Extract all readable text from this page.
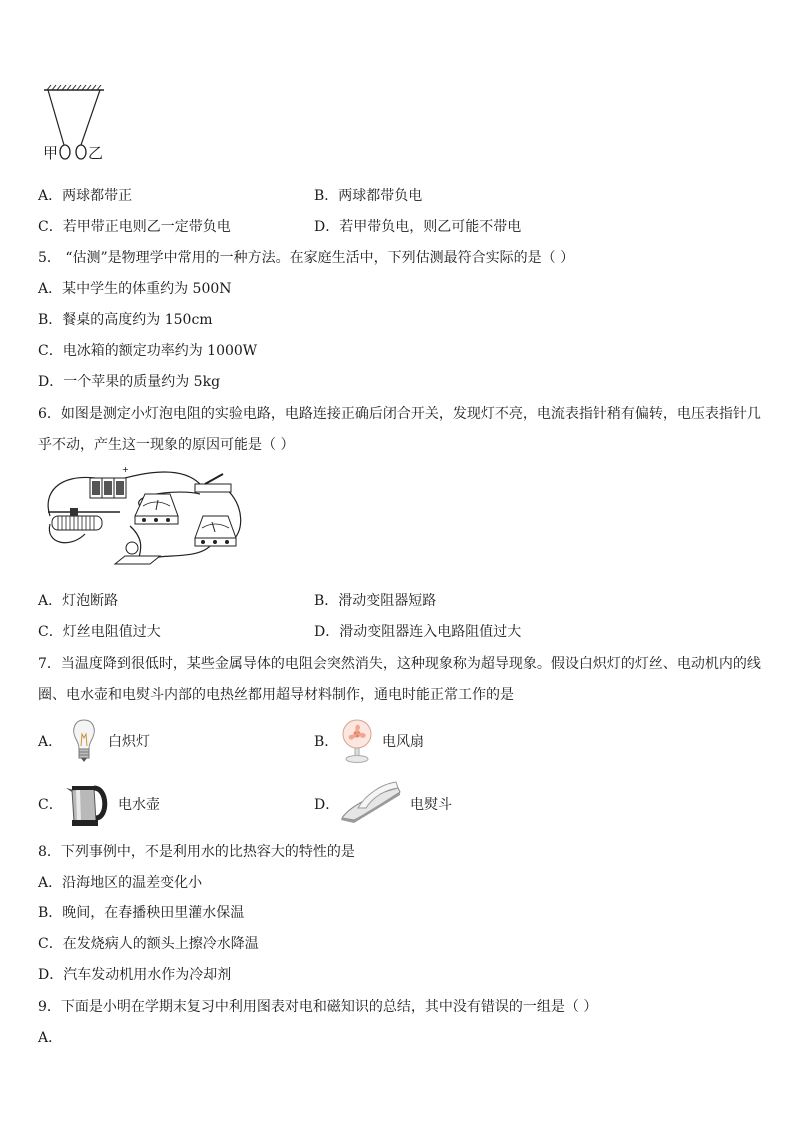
甲 乙
A．两球都带正	B．两球都带负电
C．若甲带正电则乙一定带负电	D．若甲带负电，则乙可能不带电
5． “估测”是物理学中常用的一种方法。在家庭生活中，下列估测最符合实际的是（ ）
A．某中学生的体重约为 500N
B．餐桌的高度约为 150cm
C．电冰箱的额定功率约为 1000W
D．一个苹果的质量约为 5kg
6．如图是测定小灯泡电阻的实验电路，电路连接正确后闭合开关，发现灯不亮，电流表指针稍有偏转，电压表指针几
乎不动，产生这一现象的原因可能是（ ）
+
A．灯泡断路	B．滑动变阻器短路
C．灯丝电阻值过大	D．滑动变阻器连入电路阻值过大
7．当温度降到很低时，某些金属导体的电阻会突然消失，这种现象称为超导现象。假设白炽灯的灯丝、电动机内的线
圈、电水壶和电熨斗内部的电热丝都用超导材料制作，通电时能正常工作的是
A．	白炽灯	B．	电风扇
C．	电水壶	D．	电熨斗
8．下列事例中，不是利用水的比热容大的特性的是
A．沿海地区的温差变化小
B．晚间，在春播秧田里灌水保温
C．在发烧病人的额头上擦冷水降温
D．汽车发动机用水作为冷却剂
9．下面是小明在学期末复习中利用图表对电和磁知识的总结，其中没有错误的一组是（ ）
A．
